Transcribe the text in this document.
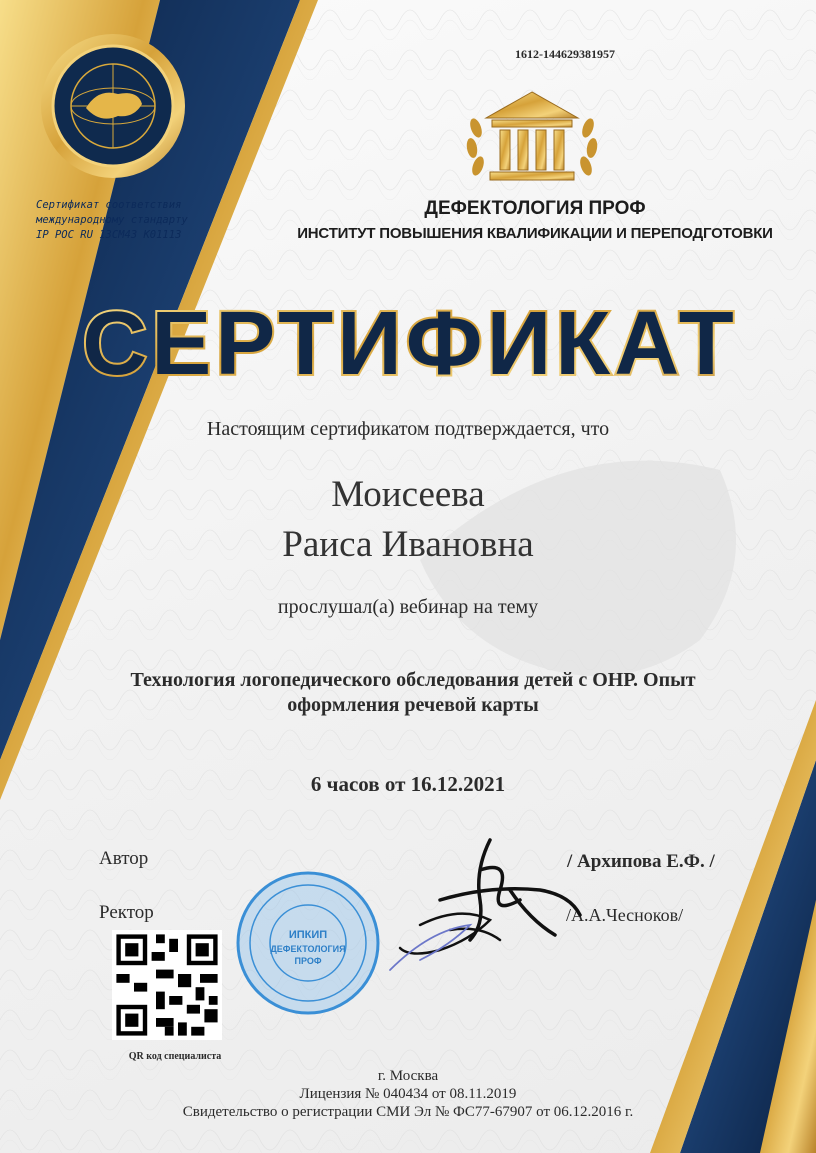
Сертификат соответствия
международному стандарту
IP POC RU 13CM43 K01113
1612-144629381957
ДЕФЕКТОЛОГИЯ ПРОФ
ИНСТИТУТ ПОВЫШЕНИЯ КВАЛИФИКАЦИИ И ПЕРЕПОДГОТОВКИ
СЕРТИФИКАТ
Настоящим сертификатом подтверждается, что
Моисеева
Раиса Ивановна
прослушал(а) вебинар на тему
Технология логопедического обследования детей с ОНР. Опыт
оформления речевой карты
6 часов от 16.12.2021
Автор
Ректор
/ Архипова Е.Ф. /
/А.А.Чесноков/
ИПКИП
ДЕФЕКТОЛОГИЯ
ПРОФ
QR код специалиста
г. Москва
Лицензия № 040434 от 08.11.2019
Свидетельство о регистрации СМИ Эл № ФС77-67907 от 06.12.2016 г.
